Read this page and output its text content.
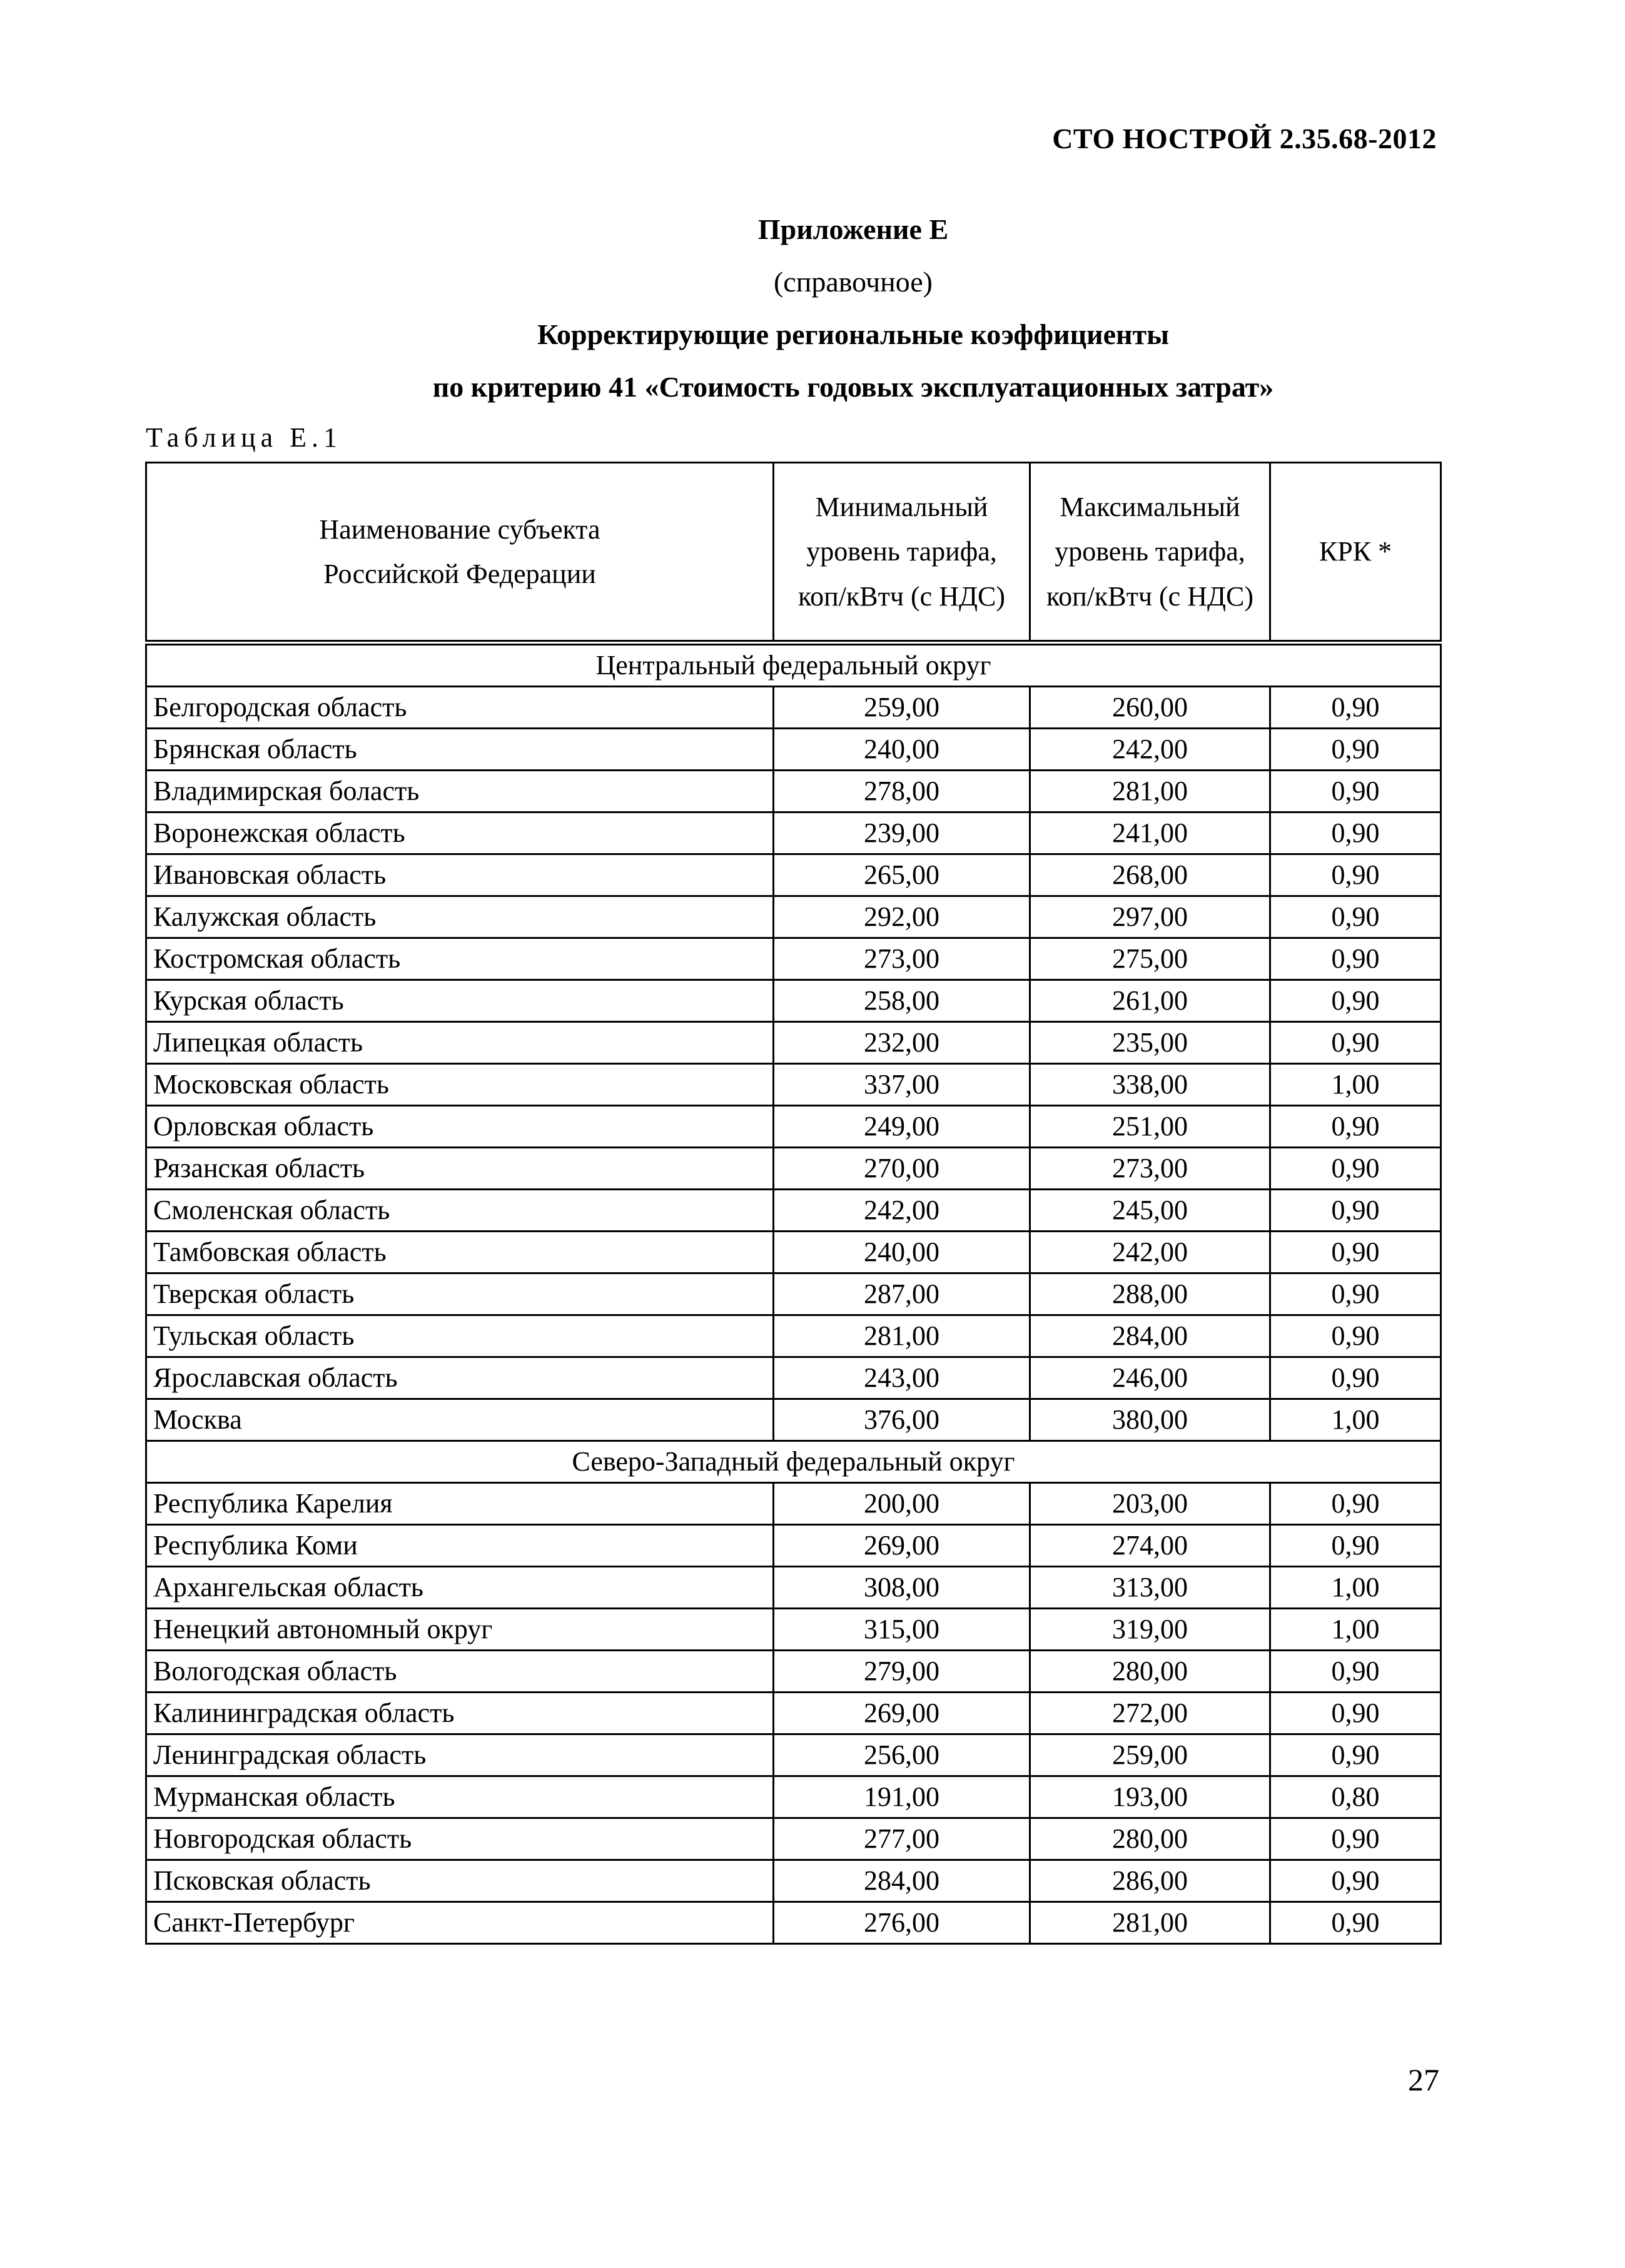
СТО НОСТРОЙ 2.35.68-2012
Приложение Е
(справочное)
Корректирующие региональные коэффициенты
по критерию 41 «Стоимость годовых эксплуатационных затрат»
Таблица Е.1
Наименование субъекта Российской Федерации	Минимальный уровень тарифа, коп/кВтч (с НДС)	Максимальный уровень тарифа, коп/кВтч (с НДС)	КРК *
Центральный федеральный округ			
Белгородская область	259,00	260,00	0,90
Брянская область	240,00	242,00	0,90
Владимирская боласть	278,00	281,00	0,90
Воронежская область	239,00	241,00	0,90
Ивановская область	265,00	268,00	0,90
Калужская область	292,00	297,00	0,90
Костромская область	273,00	275,00	0,90
Курская область	258,00	261,00	0,90
Липецкая область	232,00	235,00	0,90
Московская область	337,00	338,00	1,00
Орловская область	249,00	251,00	0,90
Рязанская область	270,00	273,00	0,90
Смоленская область	242,00	245,00	0,90
Тамбовская область	240,00	242,00	0,90
Тверская область	287,00	288,00	0,90
Тульская область	281,00	284,00	0,90
Ярославская область	243,00	246,00	0,90
Москва	376,00	380,00	1,00
Северо-Западный федеральный округ			
Республика Карелия	200,00	203,00	0,90
Республика Коми	269,00	274,00	0,90
Архангельская область	308,00	313,00	1,00
Ненецкий автономный округ	315,00	319,00	1,00
Вологодская область	279,00	280,00	0,90
Калининградская область	269,00	272,00	0,90
Ленинградская область	256,00	259,00	0,90
Мурманская область	191,00	193,00	0,80
Новгородская область	277,00	280,00	0,90
Псковская область	284,00	286,00	0,90
Санкт-Петербург	276,00	281,00	0,90
27
